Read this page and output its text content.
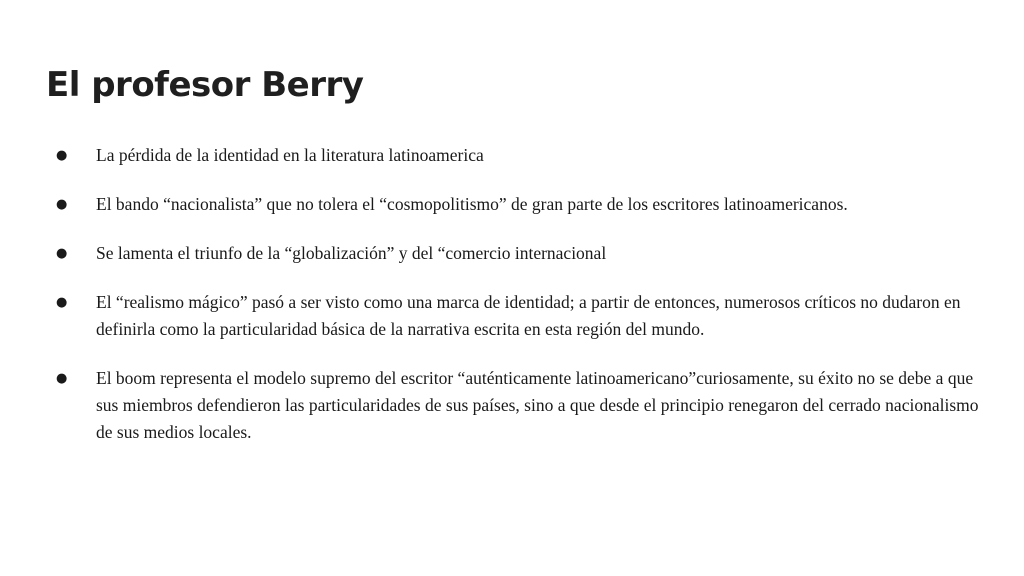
El profesor Berry
●	La pérdida de la identidad en la literatura latinoamerica
●	El bando “nacionalista” que no tolera el “cosmopolitismo” de gran parte de los escritores latinoamericanos.
●	Se lamenta el triunfo de la “globalización” y del “comercio internacional
●	El “realismo mágico” pasó a ser visto como una marca de identidad; a partir de entonces, numerosos críticos no dudaron en definirla como la particularidad básica de la narrativa escrita en esta región del mundo.
●	El boom representa el modelo supremo del escritor “auténticamente latinoamericano”curiosamente, su éxito no se debe a que sus miembros defendieron las particularidades de sus países, sino a que desde el principio renegaron del cerrado nacionalismo de sus medios locales.
